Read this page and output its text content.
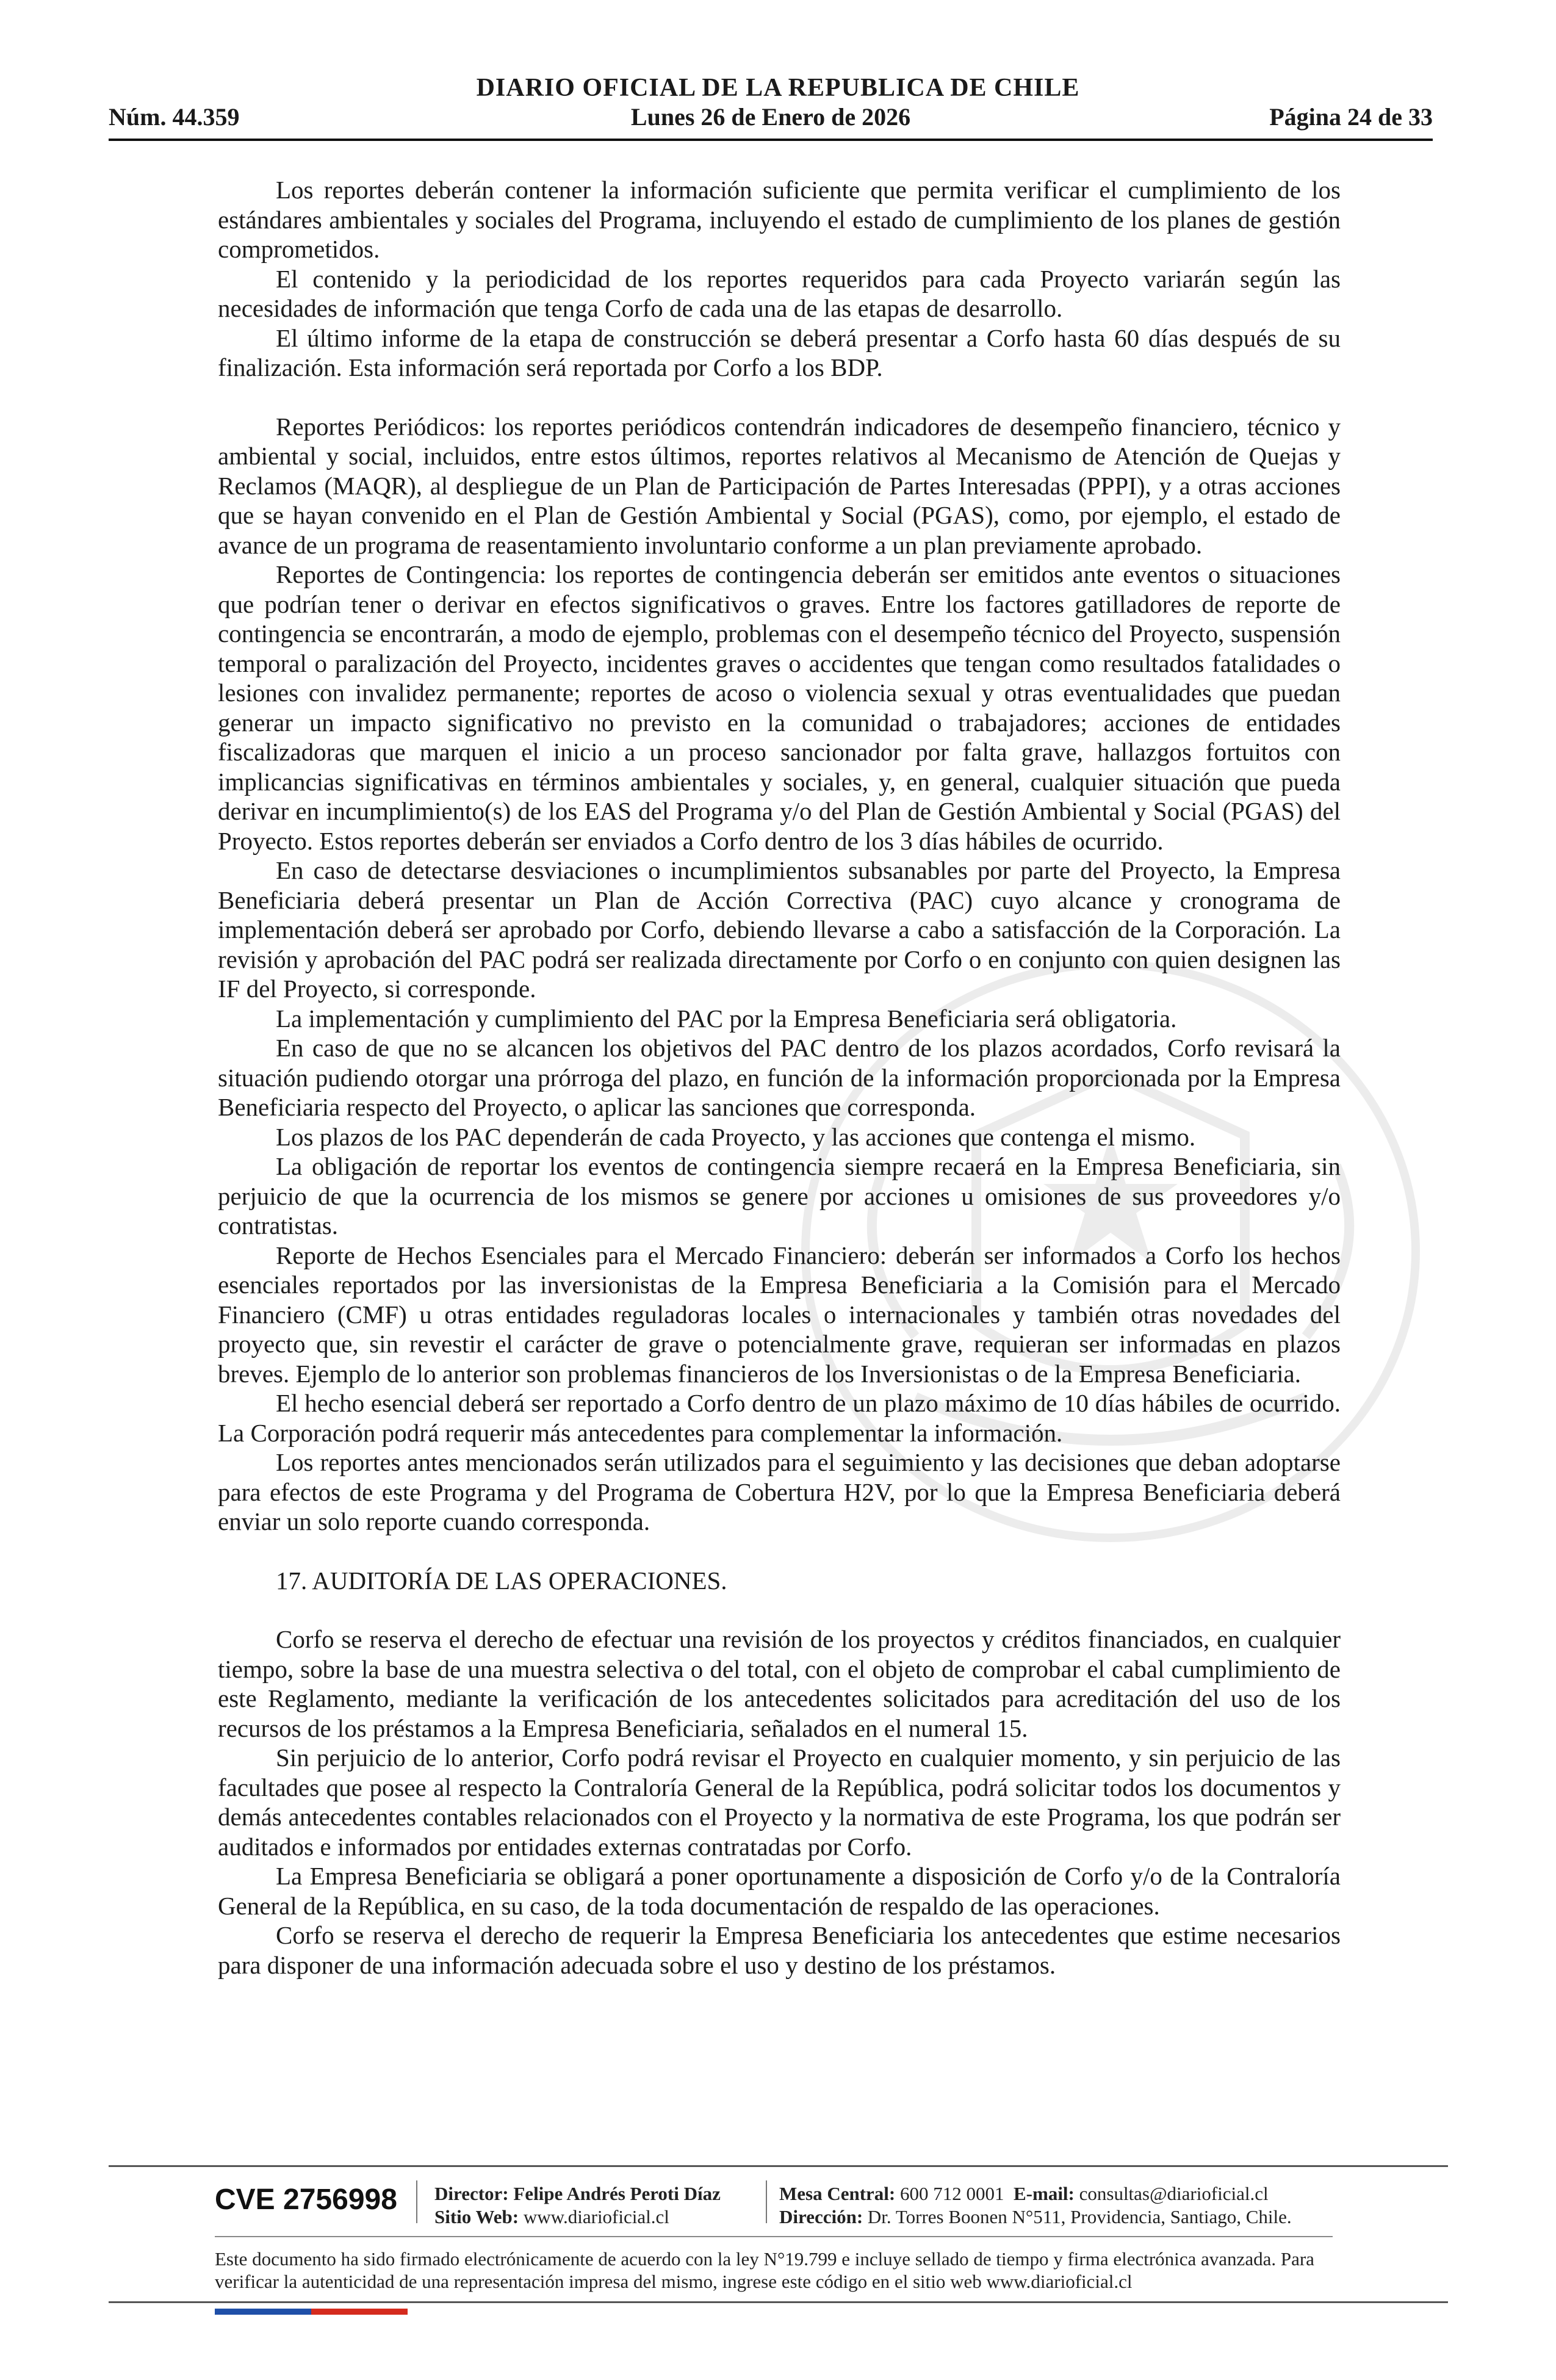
DIARIO OFICIAL DE LA REPUBLICA DE CHILE
Núm. 44.359	Lunes 26 de Enero de 2026	Página 24 de 33

Los reportes deberán contener la información suficiente que permita verificar el cumplimiento de los estándares ambientales y sociales del Programa, incluyendo el estado de cumplimiento de los planes de gestión comprometidos.

El contenido y la periodicidad de los reportes requeridos para cada Proyecto variarán según las necesidades de información que tenga Corfo de cada una de las etapas de desarrollo.

El último informe de la etapa de construcción se deberá presentar a Corfo hasta 60 días después de su finalización. Esta información será reportada por Corfo a los BDP.

Reportes Periódicos: los reportes periódicos contendrán indicadores de desempeño financiero, técnico y ambiental y social, incluidos, entre estos últimos, reportes relativos al Mecanismo de Atención de Quejas y Reclamos (MAQR), al despliegue de un Plan de Participación de Partes Interesadas (PPPI), y a otras acciones que se hayan convenido en el Plan de Gestión Ambiental y Social (PGAS), como, por ejemplo, el estado de avance de un programa de reasentamiento involuntario conforme a un plan previamente aprobado.

Reportes de Contingencia: los reportes de contingencia deberán ser emitidos ante eventos o situaciones que podrían tener o derivar en efectos significativos o graves. Entre los factores gatilladores de reporte de contingencia se encontrarán, a modo de ejemplo, problemas con el desempeño técnico del Proyecto, suspensión temporal o paralización del Proyecto, incidentes graves o accidentes que tengan como resultados fatalidades o lesiones con invalidez permanente; reportes de acoso o violencia sexual y otras eventualidades que puedan generar un impacto significativo no previsto en la comunidad o trabajadores; acciones de entidades fiscalizadoras que marquen el inicio a un proceso sancionador por falta grave, hallazgos fortuitos con implicancias significativas en términos ambientales y sociales, y, en general, cualquier situación que pueda derivar en incumplimiento(s) de los EAS del Programa y/o del Plan de Gestión Ambiental y Social (PGAS) del Proyecto. Estos reportes deberán ser enviados a Corfo dentro de los 3 días hábiles de ocurrido.

En caso de detectarse desviaciones o incumplimientos subsanables por parte del Proyecto, la Empresa Beneficiaria deberá presentar un Plan de Acción Correctiva (PAC) cuyo alcance y cronograma de implementación deberá ser aprobado por Corfo, debiendo llevarse a cabo a satisfacción de la Corporación. La revisión y aprobación del PAC podrá ser realizada directamente por Corfo o en conjunto con quien designen las IF del Proyecto, si corresponde.

La implementación y cumplimiento del PAC por la Empresa Beneficiaria será obligatoria.

En caso de que no se alcancen los objetivos del PAC dentro de los plazos acordados, Corfo revisará la situación pudiendo otorgar una prórroga del plazo, en función de la información proporcionada por la Empresa Beneficiaria respecto del Proyecto, o aplicar las sanciones que corresponda.

Los plazos de los PAC dependerán de cada Proyecto, y las acciones que contenga el mismo.

La obligación de reportar los eventos de contingencia siempre recaerá en la Empresa Beneficiaria, sin perjuicio de que la ocurrencia de los mismos se genere por acciones u omisiones de sus proveedores y/o contratistas.

Reporte de Hechos Esenciales para el Mercado Financiero: deberán ser informados a Corfo los hechos esenciales reportados por las inversionistas de la Empresa Beneficiaria a la Comisión para el Mercado Financiero (CMF) u otras entidades reguladoras locales o internacionales y también otras novedades del proyecto que, sin revestir el carácter de grave o potencialmente grave, requieran ser informadas en plazos breves. Ejemplo de lo anterior son problemas financieros de los Inversionistas o de la Empresa Beneficiaria.

El hecho esencial deberá ser reportado a Corfo dentro de un plazo máximo de 10 días hábiles de ocurrido. La Corporación podrá requerir más antecedentes para complementar la información.

Los reportes antes mencionados serán utilizados para el seguimiento y las decisiones que deban adoptarse para efectos de este Programa y del Programa de Cobertura H2V, por lo que la Empresa Beneficiaria deberá enviar un solo reporte cuando corresponda.

17. AUDITORÍA DE LAS OPERACIONES.

Corfo se reserva el derecho de efectuar una revisión de los proyectos y créditos financiados, en cualquier tiempo, sobre la base de una muestra selectiva o del total, con el objeto de comprobar el cabal cumplimiento de este Reglamento, mediante la verificación de los antecedentes solicitados para acreditación del uso de los recursos de los préstamos a la Empresa Beneficiaria, señalados en el numeral 15.

Sin perjuicio de lo anterior, Corfo podrá revisar el Proyecto en cualquier momento, y sin perjuicio de las facultades que posee al respecto la Contraloría General de la República, podrá solicitar todos los documentos y demás antecedentes contables relacionados con el Proyecto y la normativa de este Programa, los que podrán ser auditados e informados por entidades externas contratadas por Corfo.

La Empresa Beneficiaria se obligará a poner oportunamente a disposición de Corfo y/o de la Contraloría General de la República, en su caso, de la toda documentación de respaldo de las operaciones.

Corfo se reserva el derecho de requerir la Empresa Beneficiaria los antecedentes que estime necesarios para disponer de una información adecuada sobre el uso y destino de los préstamos.

CVE 2756998 Director: Felipe Andrés Peroti Díaz
Sitio Web: www.diarioficial.cl
Mesa Central: 600 712 0001 E-mail: consultas@diarioficial.cl
Dirección: Dr. Torres Boonen N°511, Providencia, Santiago, Chile.
Este documento ha sido firmado electrónicamente de acuerdo con la ley N°19.799 e incluye sellado de tiempo y firma electrónica avanzada. Para verificar la autenticidad de una representación impresa del mismo, ingrese este código en el sitio web www.diarioficial.cl
